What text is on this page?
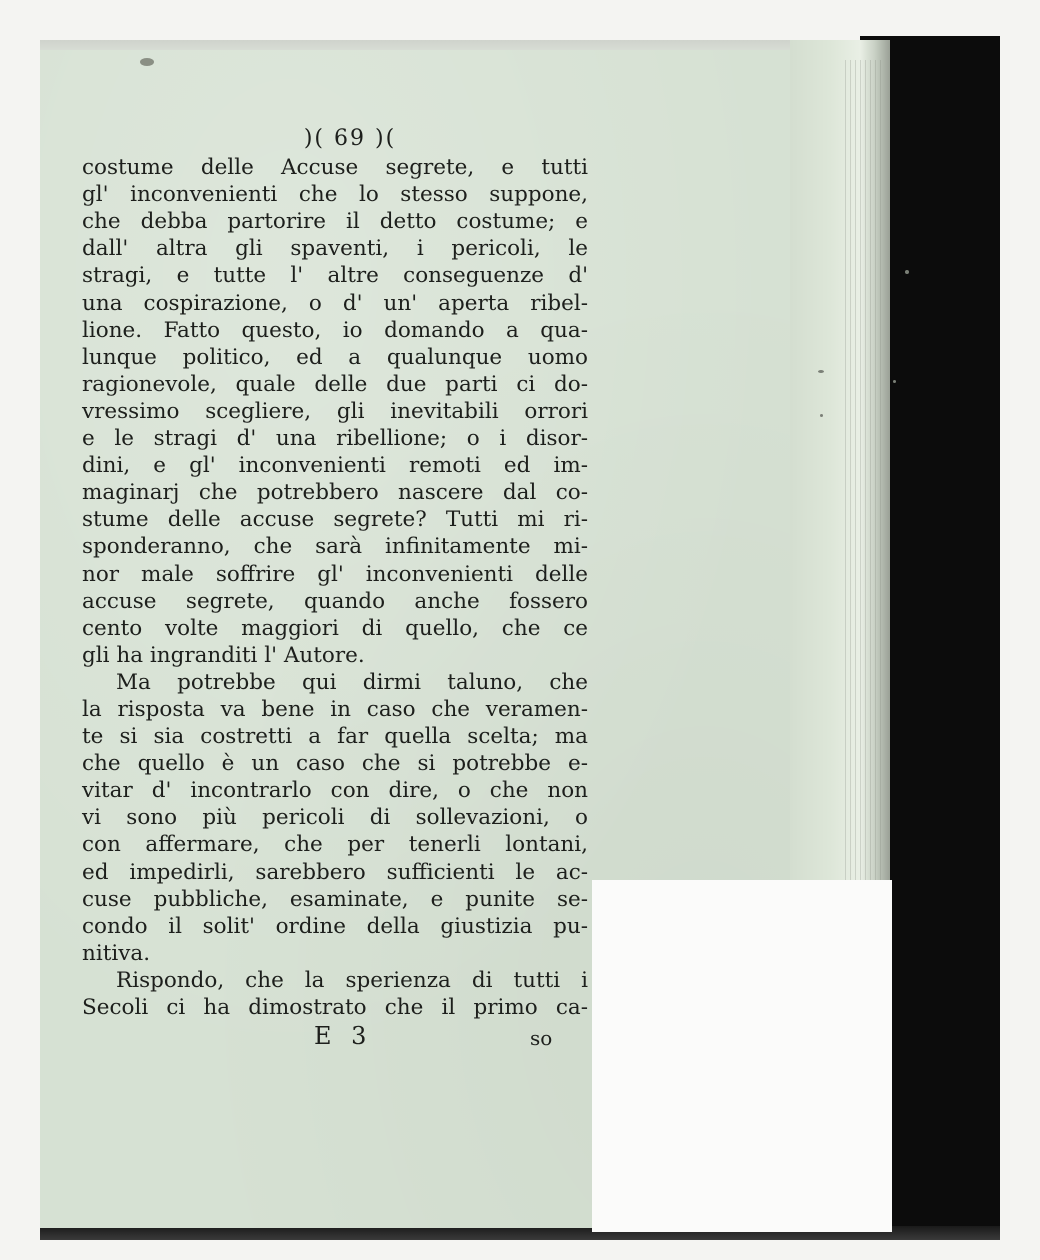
)( 69 )(
costume delle Accuse segrete, e tutti
gl' inconvenienti che lo stesso suppone,
che debba partorire il detto costume; e
dall' altra gli spaventi, i pericoli, le
stragi, e tutte l' altre conseguenze d'
una cospirazione, o d' un' aperta ribel-
lione. Fatto questo, io domando a qua-
lunque politico, ed a qualunque uomo
ragionevole, quale delle due parti ci do-
vressimo scegliere, gli inevitabili orrori
e le stragi d' una ribellione; o i disor-
dini, e gl' inconvenienti remoti ed im-
maginarj che potrebbero nascere dal co-
stume delle accuse segrete? Tutti mi ri-
sponderanno, che sarà infinitamente mi-
nor male soffrire gl' inconvenienti delle
accuse segrete, quando anche fossero
cento volte maggiori di quello, che ce
gli ha ingranditi l' Autore.
Ma potrebbe qui dirmi taluno, che
la risposta va bene in caso che veramen-
te si sia costretti a far quella scelta; ma
che quello è un caso che si potrebbe e-
vitar d' incontrarlo con dire, o che non
vi sono più pericoli di sollevazioni, o
con affermare, che per tenerli lontani,
ed impedirli, sarebbero sufficienti le ac-
cuse pubbliche, esaminate, e punite se-
condo il solit' ordine della giustizia pu-
nitiva.
Rispondo, che la sperienza di tutti i
Secoli ci ha dimostrato che il primo ca-
E 3	so
